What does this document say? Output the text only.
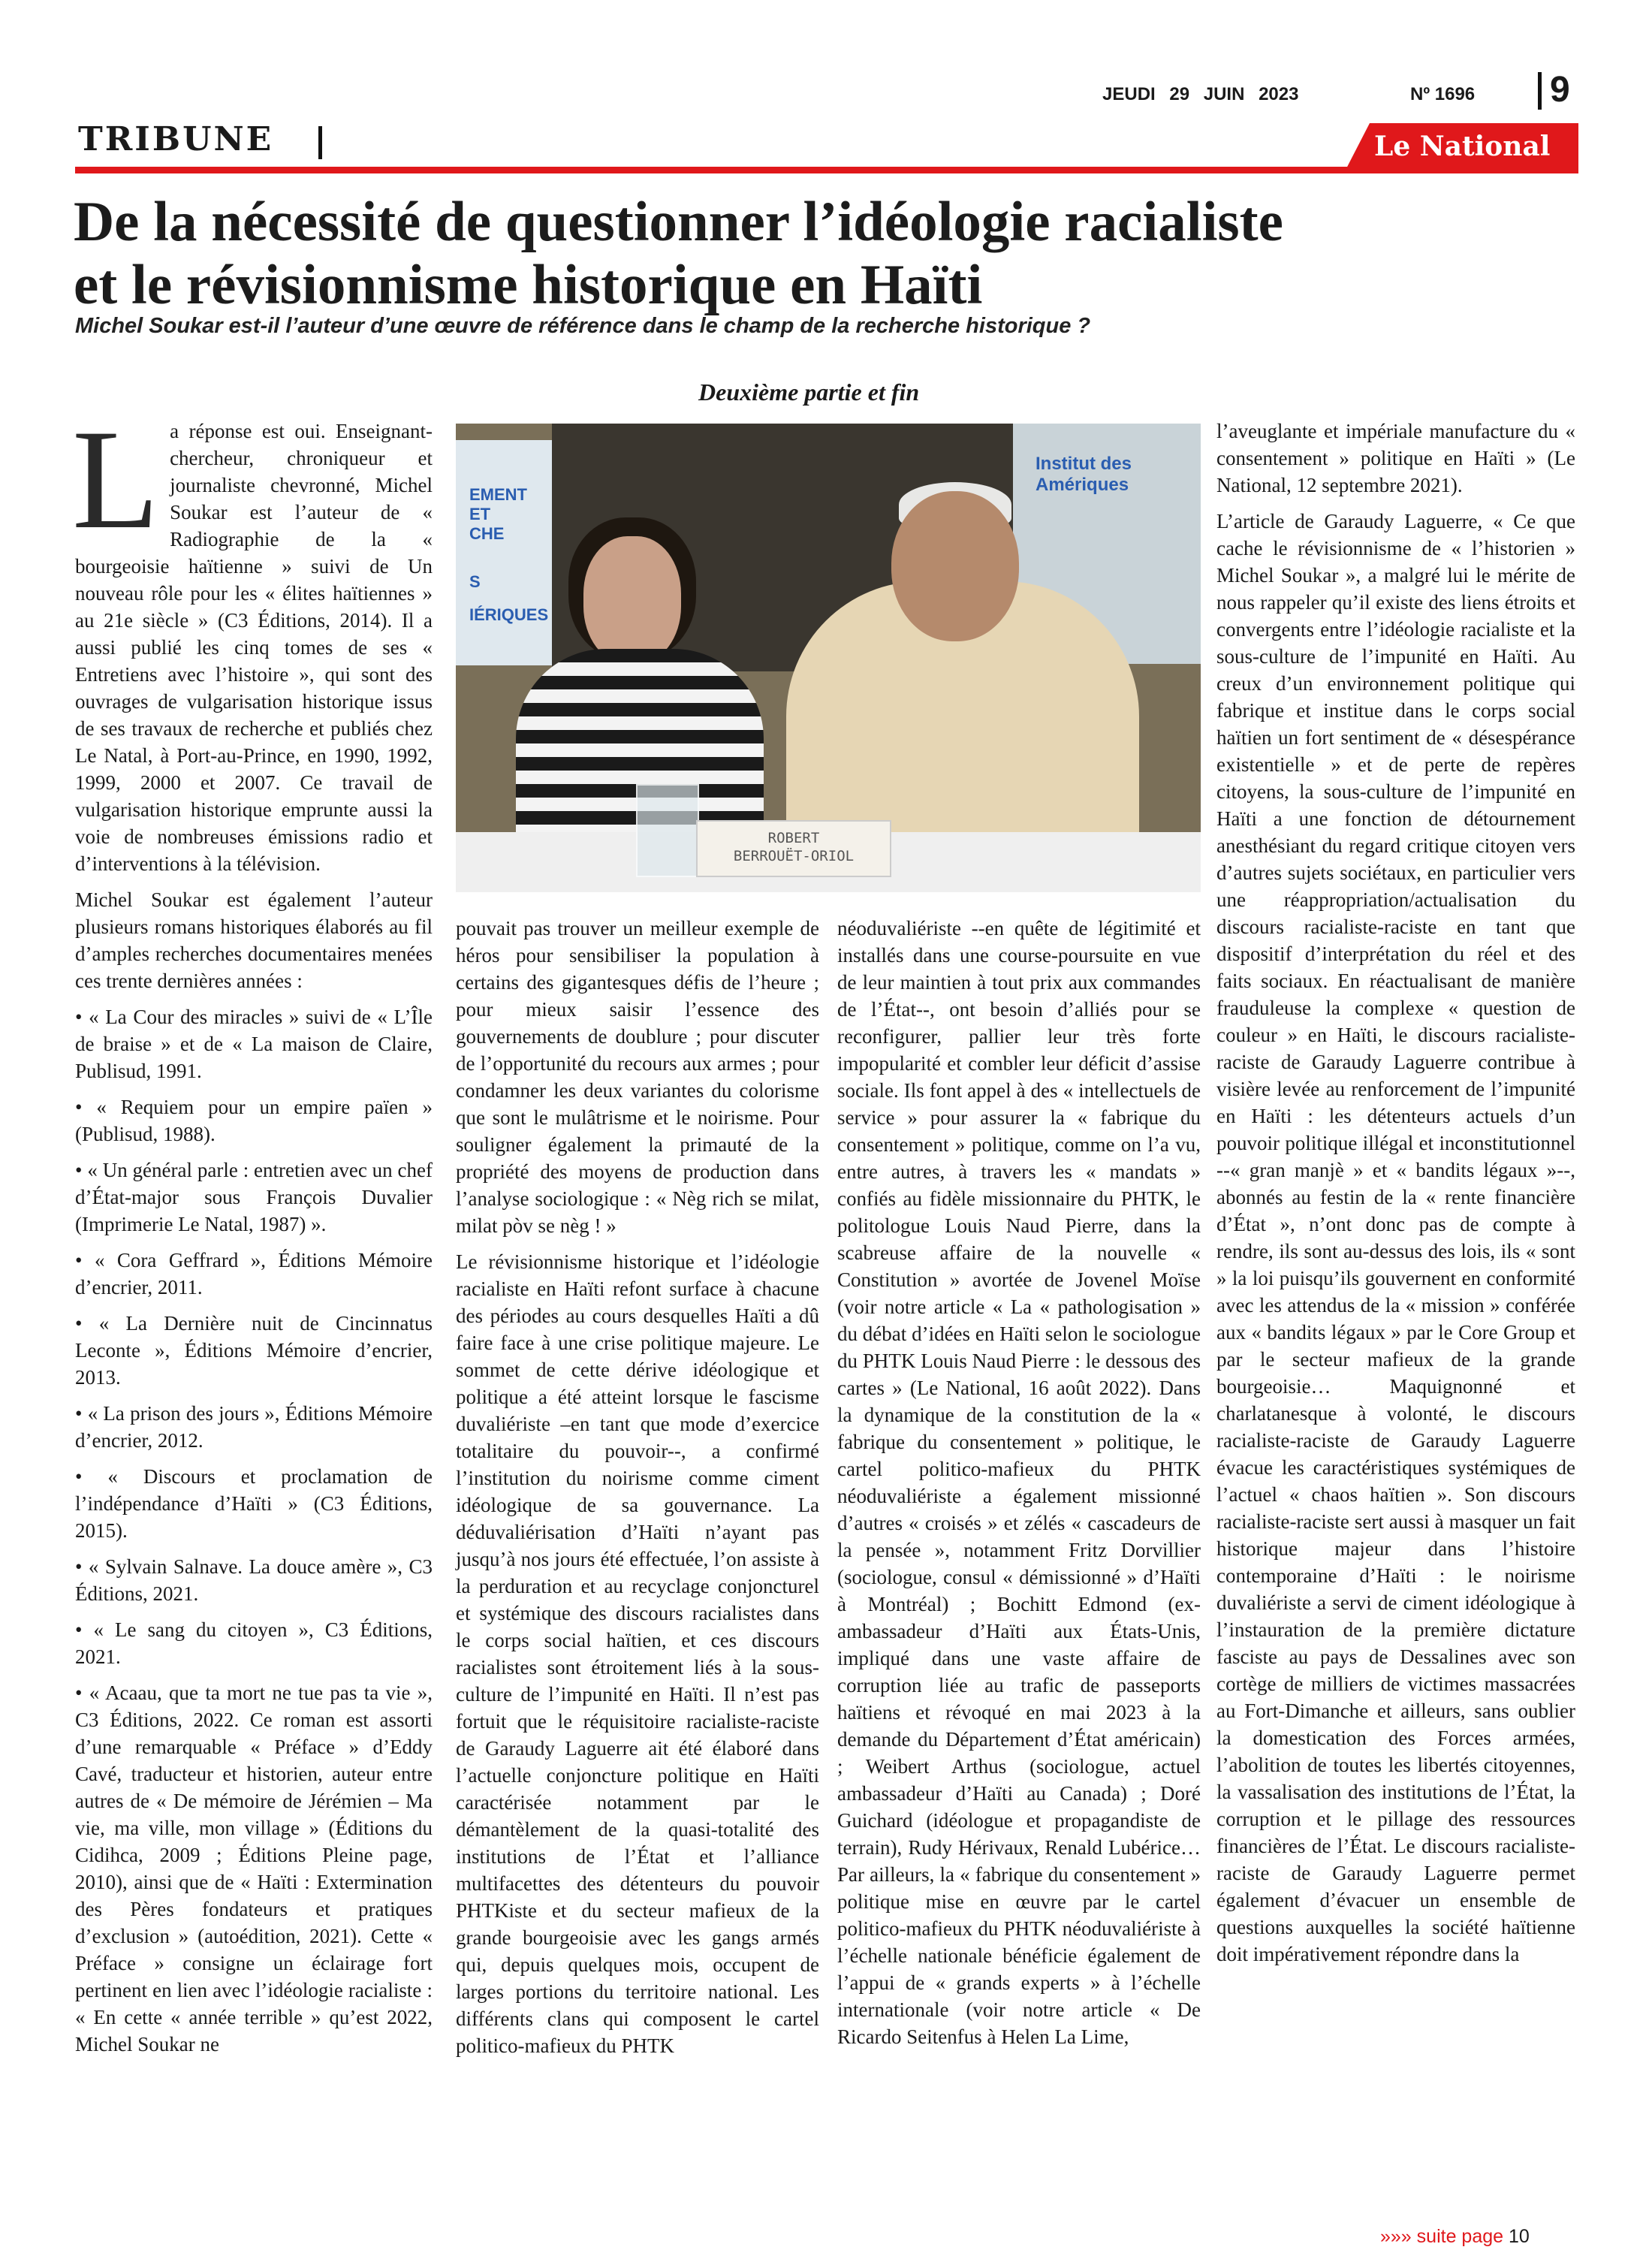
JEUDI 29 JUIN 2023	Nº 1696 9
TRIBUNE	Le National
De la nécessité de questionner l’idéologie racialiste
et le révisionnisme historique en Haïti
Michel Soukar est-il l’auteur d’une œuvre de référence dans le champ de la recherche historique ?
Deuxième partie et fin
EMENT
ET
CHE
S
IÉRIQUES
Institut des Amériques
ROBERT
BERROUËT-ORIOL

La réponse est oui. Enseignant-chercheur, chroniqueur et journaliste chevronné, Michel Soukar est l’auteur de « Radiographie de la « bourgeoisie haïtienne » suivi de Un nouveau rôle pour les « élites haïtiennes » au 21e siècle » (C3 Éditions, 2014). Il a aussi publié les cinq tomes de ses « Entretiens avec l’histoire », qui sont des ouvrages de vulgarisation historique issus de ses travaux de recherche et publiés chez Le Natal, à Port-au-Prince, en 1990, 1992, 1999, 2000 et 2007. Ce travail de vulgarisation historique emprunte aussi la voie de nombreuses émissions radio et d’interventions à la télévision.

Michel Soukar est également l’auteur plusieurs romans historiques élaborés au fil d’amples recherches documentaires menées ces trente dernières années :

• « La Cour des miracles » suivi de « L’Île de braise » et de « La maison de Claire, Publisud, 1991.

• « Requiem pour un empire païen » (Publisud, 1988).

• « Un général parle : entretien avec un chef d’État-major sous François Duvalier (Imprimerie Le Natal, 1987) ».

• « Cora Geffrard », Éditions Mémoire d’encrier, 2011.

• « La Dernière nuit de Cincinnatus Leconte », Éditions Mémoire d’encrier, 2013.

• « La prison des jours », Éditions Mémoire d’encrier, 2012.

• « Discours et proclamation de l’indépendance d’Haïti » (C3 Éditions, 2015).

• « Sylvain Salnave. La douce amère », C3 Éditions, 2021.

• « Le sang du citoyen », C3 Éditions, 2021.

• « Acaau, que ta mort ne tue pas ta vie », C3 Éditions, 2022. Ce roman est assorti d’une remarquable « Préface » d’Eddy Cavé, traducteur et historien, auteur entre autres de « De mémoire de Jérémien – Ma vie, ma ville, mon village » (Éditions du Cidihca, 2009 ; Éditions Pleine page, 2010), ainsi que de « Haïti : Extermination des Pères fondateurs et pratiques d’exclusion » (autoédition, 2021). Cette « Préface » consigne un éclairage fort pertinent en lien avec l’idéologie racialiste : « En cette « année terrible » qu’est 2022, Michel Soukar ne

pouvait pas trouver un meilleur exemple de héros pour sensibiliser la population à certains des gigantesques défis de l’heure ; pour mieux saisir l’essence des gouvernements de doublure ; pour discuter de l’opportunité du recours aux armes ; pour condamner les deux variantes du colorisme que sont le mulâtrisme et le noirisme. Pour souligner également la primauté de la propriété des moyens de production dans l’analyse sociologique : « Nèg rich se milat, milat pòv se nèg ! »

Le révisionnisme historique et l’idéologie racialiste en Haïti refont surface à chacune des périodes au cours desquelles Haïti a dû faire face à une crise politique majeure. Le sommet de cette dérive idéologique et politique a été atteint lorsque le fascisme duvaliériste –en tant que mode d’exercice totalitaire du pouvoir--, a confirmé l’institution du noirisme comme ciment idéologique de sa gouvernance. La déduvaliérisation d’Haïti n’ayant pas jusqu’à nos jours été effectuée, l’on assiste à la perduration et au recyclage conjoncturel et systémique des discours racialistes dans le corps social haïtien, et ces discours racialistes sont étroitement liés à la sous-culture de l’impunité en Haïti. Il n’est pas fortuit que le réquisitoire racialiste-raciste de Garaudy Laguerre ait été élaboré dans l’actuelle conjoncture politique en Haïti caractérisée notamment par le démantèlement de la quasi-totalité des institutions de l’État et l’alliance multifacettes des détenteurs du pouvoir PHTKiste et du secteur mafieux de la grande bourgeoisie avec les gangs armés qui, depuis quelques mois, occupent de larges portions du territoire national. Les différents clans qui composent le cartel politico-mafieux du PHTK

néoduvaliériste --en quête de légitimité et installés dans une course-poursuite en vue de leur maintien à tout prix aux commandes de l’État--, ont besoin d’alliés pour se reconfigurer, pallier leur très forte impopularité et combler leur déficit d’assise sociale. Ils font appel à des « intellectuels de service » pour assurer la « fabrique du consentement » politique, comme on l’a vu, entre autres, à travers les « mandats » confiés au fidèle missionnaire du PHTK, le politologue Louis Naud Pierre, dans la scabreuse affaire de la nouvelle « Constitution » avortée de Jovenel Moïse (voir notre article « La « pathologisation » du débat d’idées en Haïti selon le sociologue du PHTK Louis Naud Pierre : le dessous des cartes » (Le National, 16 août 2022). Dans la dynamique de la constitution de la « fabrique du consentement » politique, le cartel politico-mafieux du PHTK néoduvaliériste a également missionné d’autres « croisés » et zélés « cascadeurs de la pensée », notamment Fritz Dorvillier (sociologue, consul « démissionné » d’Haïti à Montréal) ; Bochitt Edmond (ex-ambassadeur d’Haïti aux États-Unis, impliqué dans une vaste affaire de corruption liée au trafic de passeports haïtiens et révoqué en mai 2023 à la demande du Département d’État américain) ; Weibert Arthus (sociologue, actuel ambassadeur d’Haïti au Canada) ; Doré Guichard (idéologue et propagandiste de terrain), Rudy Hérivaux, Renald Lubérice… Par ailleurs, la « fabrique du consentement » politique mise en œuvre par le cartel politico-mafieux du PHTK néoduvaliériste à l’échelle nationale bénéficie également de l’appui de « grands experts » à l’échelle internationale (voir notre article « De Ricardo Seitenfus à Helen La Lime,

l’aveuglante et impériale manufacture du « consentement » politique en Haïti » (Le National, 12 septembre 2021).

L’article de Garaudy Laguerre, « Ce que cache le révisionnisme de « l’historien » Michel Soukar », a malgré lui le mérite de nous rappeler qu’il existe des liens étroits et convergents entre l’idéologie racialiste et la sous-culture de l’impunité en Haïti. Au creux d’un environnement politique qui fabrique et institue dans le corps social haïtien un fort sentiment de « désespérance existentielle » et de perte de repères citoyens, la sous-culture de l’impunité en Haïti a une fonction de détournement anesthésiant du regard critique citoyen vers d’autres sujets sociétaux, en particulier vers une réappropriation/actualisation du discours racialiste-raciste en tant que dispositif d’interprétation du réel et des faits sociaux. En réactualisant de manière frauduleuse la complexe « question de couleur » en Haïti, le discours racialiste-raciste de Garaudy Laguerre contribue à visière levée au renforcement de l’impunité en Haïti : les détenteurs actuels d’un pouvoir politique illégal et inconstitutionnel --« gran manjè » et « bandits légaux »--, abonnés au festin de la « rente financière d’État », n’ont donc pas de compte à rendre, ils sont au-dessus des lois, ils « sont » la loi puisqu’ils gouvernent en conformité avec les attendus de la « mission » conférée aux « bandits légaux » par le Core Group et par le secteur mafieux de la grande bourgeoisie… Maquignonné et charlatanesque à volonté, le discours racialiste-raciste de Garaudy Laguerre évacue les caractéristiques systémiques de l’actuel « chaos haïtien ». Son discours racialiste-raciste sert aussi à masquer un fait historique majeur dans l’histoire contemporaine d’Haïti : le noirisme duvaliériste a servi de ciment idéologique à l’instauration de la première dictature fasciste au pays de Dessalines avec son cortège de milliers de victimes massacrées au Fort-Dimanche et ailleurs, sans oublier la domestication des Forces armées, l’abolition de toutes les libertés citoyennes, la vassalisation des institutions de l’État, la corruption et le pillage des ressources financières de l’État. Le discours racialiste-raciste de Garaudy Laguerre permet également d’évacuer un ensemble de questions auxquelles la société haïtienne doit impérativement répondre dans la

»»» suite page 10
